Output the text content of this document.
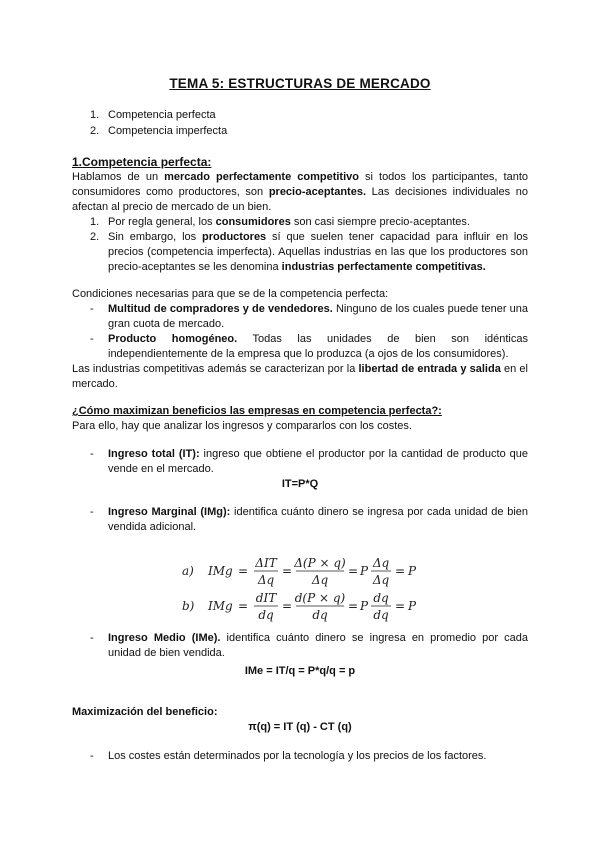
TEMA 5: ESTRUCTURAS DE MERCADO
1. Competencia perfecta
2. Competencia imperfecta
1.Competencia perfecta:
Hablamos de un mercado perfectamente competitivo si todos los participantes, tanto consumidores como productores, son precio-aceptantes. Las decisiones individuales no afectan al precio de mercado de un bien.
1. Por regla general, los consumidores son casi siempre precio-aceptantes.
2. Sin embargo, los productores sí que suelen tener capacidad para influir en los precios (competencia imperfecta). Aquellas industrias en las que los productores son precio-aceptantes se les denomina industrias perfectamente competitivas.
Condiciones necesarias para que se de la competencia perfecta:
- Multitud de compradores y de vendedores. Ninguno de los cuales puede tener una gran cuota de mercado.
- Producto homogéneo. Todas las unidades de bien son idénticas independientemente de la empresa que lo produzca (a ojos de los consumidores).
Las industrias competitivas además se caracterizan por la libertad de entrada y salida en el mercado.
¿Cómo maximizan beneficios las empresas en competencia perfecta?:
Para ello, hay que analizar los ingresos y compararlos con los costes.
- Ingreso total (IT): ingreso que obtiene el productor por la cantidad de producto que vende en el mercado.
IT=P*Q
- Ingreso Marginal (IMg): identifica cuánto dinero se ingresa por cada unidad de bien vendida adicional.
a) IMg =
ΔIT
Δq
=
Δ(P × q)
Δq
= P
Δq
Δq
= P
b) IMg =
dIT
dq
=
d(P × q)
dq
= P
dq
dq
= P
- Ingreso Medio (IMe). identifica cuánto dinero se ingresa en promedio por cada unidad de bien vendida.
IMe = IT/q = P*q/q = p
Maximización del beneficio:
π(q) = IT (q) - CT (q)
- Los costes están determinados por la tecnología y los precios de los factores.
